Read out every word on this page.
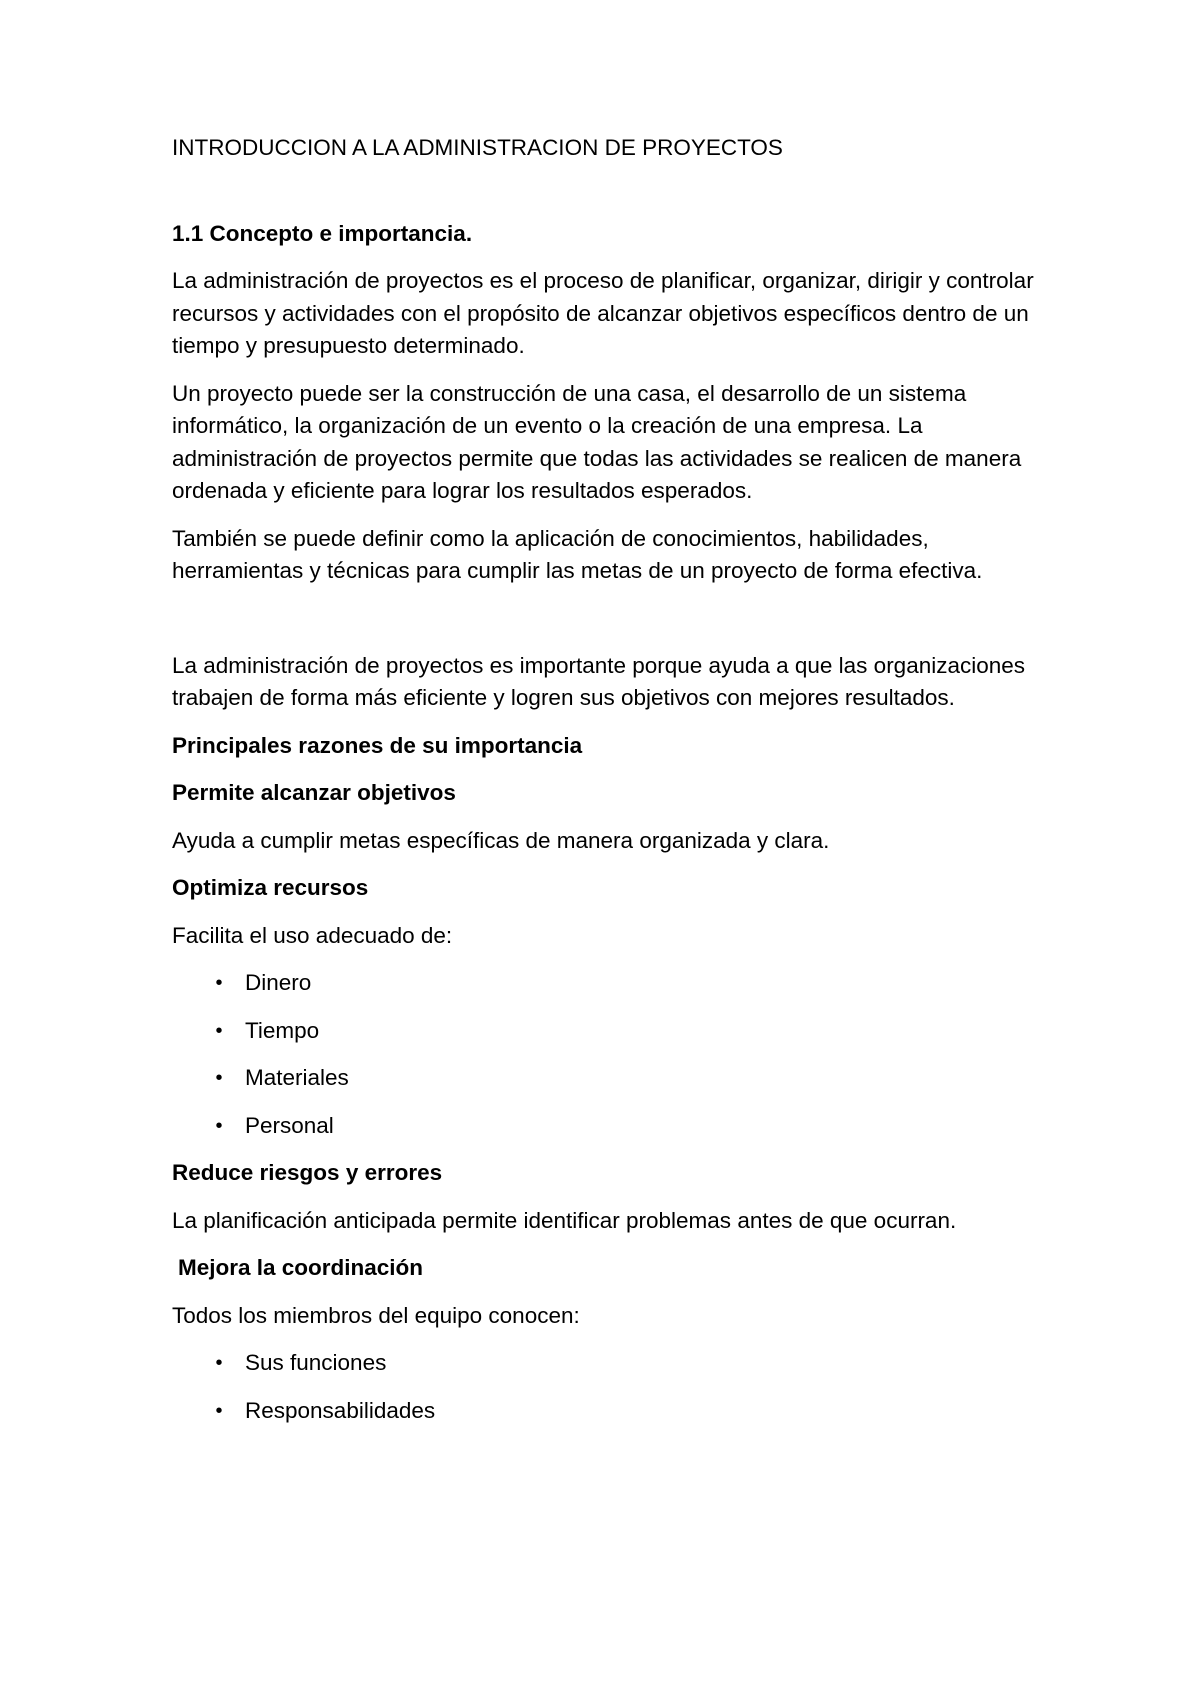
INTRODUCCION A LA ADMINISTRACION DE PROYECTOS
1.1 Concepto e importancia.

La administración de proyectos es el proceso de planificar, organizar, dirigir y controlar recursos y actividades con el propósito de alcanzar objetivos específicos dentro de un tiempo y presupuesto determinado.

Un proyecto puede ser la construcción de una casa, el desarrollo de un sistema informático, la organización de un evento o la creación de una empresa. La administración de proyectos permite que todas las actividades se realicen de manera ordenada y eficiente para lograr los resultados esperados.

También se puede definir como la aplicación de conocimientos, habilidades, herramientas y técnicas para cumplir las metas de un proyecto de forma efectiva.

La administración de proyectos es importante porque ayuda a que las organizaciones trabajen de forma más eficiente y logren sus objetivos con mejores resultados.

Principales razones de su importancia
Permite alcanzar objetivos

Ayuda a cumplir metas específicas de manera organizada y clara.

Optimiza recursos

Facilita el uso adecuado de:

• Dinero
• Tiempo
• Materiales
• Personal
Reduce riesgos y errores

La planificación anticipada permite identificar problemas antes de que ocurran.

Mejora la coordinación

Todos los miembros del equipo conocen:

• Sus funciones
• Responsabilidades
